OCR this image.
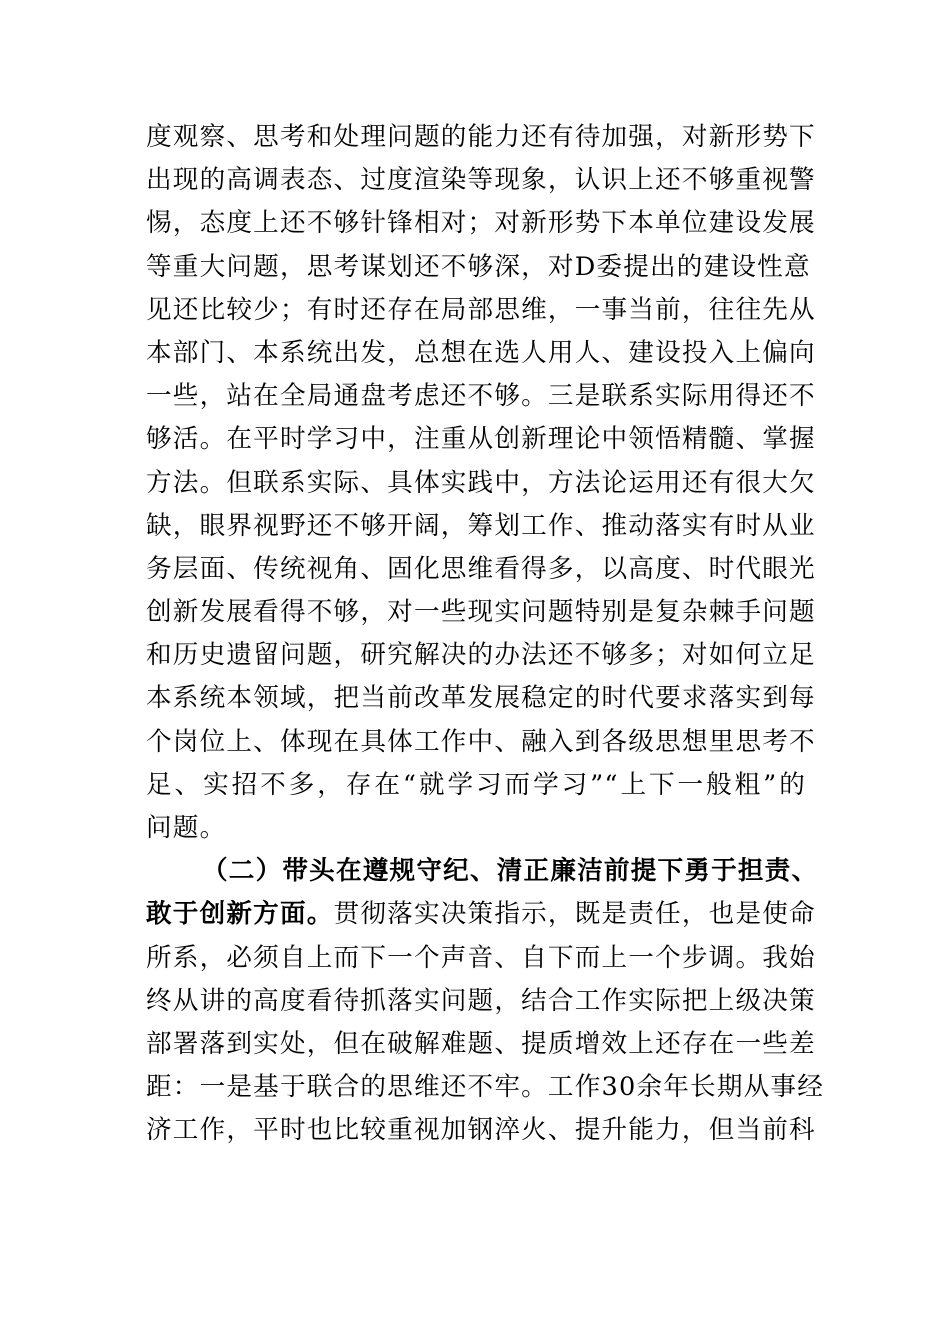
度观察、思考和处理问题的能力还有待加强，对新形势下
出现的高调表态、过度渲染等现象，认识上还不够重视警
惕，态度上还不够针锋相对；对新形势下本单位建设发展
等重大问题，思考谋划还不够深，对D委提出的建设性意
见还比较少；有时还存在局部思维，一事当前，往往先从
本部门、本系统出发，总想在选人用人、建设投入上偏向
一些，站在全局通盘考虑还不够。三是联系实际用得还不
够活。在平时学习中，注重从创新理论中领悟精髓、掌握
方法。但联系实际、具体实践中，方法论运用还有很大欠
缺，眼界视野还不够开阔，筹划工作、推动落实有时从业
务层面、传统视角、固化思维看得多，以高度、时代眼光
创新发展看得不够，对一些现实问题特别是复杂棘手问题
和历史遗留问题，研究解决的办法还不够多；对如何立足
本系统本领域，把当前改革发展稳定的时代要求落实到每
个岗位上、体现在具体工作中、融入到各级思想里思考不
足、实招不多，存在“就学习而学习”“上下一般粗”的
问题。
（二）带头在遵规守纪、清正廉洁前提下勇于担责、
敢于创新方面。贯彻落实决策指示，既是责任，也是使命
所系，必须自上而下一个声音、自下而上一个步调。我始
终从讲的高度看待抓落实问题，结合工作实际把上级决策
部署落到实处，但在破解难题、提质增效上还存在一些差
距：一是基于联合的思维还不牢。工作30余年长期从事经
济工作，平时也比较重视加钢淬火、提升能力，但当前科
